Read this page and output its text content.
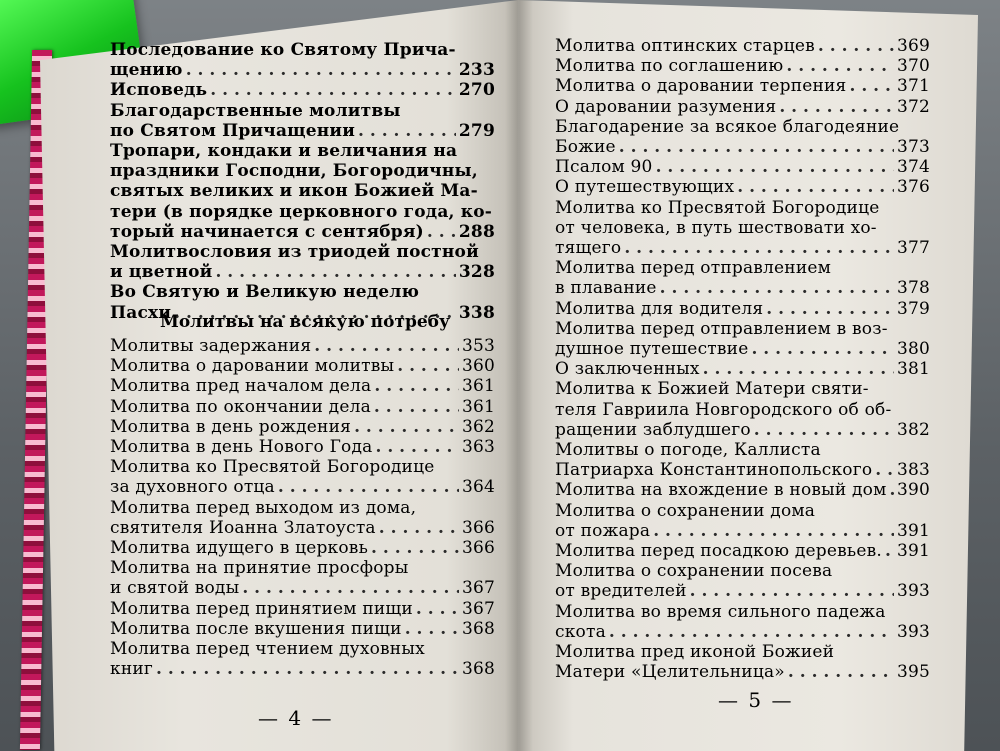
Последование ко Святому Прича-
щению . . .	233
Исповедь . . .	270
Благодарственные молитвы
по Святом Причащении . . .	279
Тропари, кондаки и величания на
праздники Господни, Богородичны,
святых великих и икон Божией Ма-
тери (в порядке церковного года, ко-
торый начинается с сентября) . . . 288
Молитвословия из триодей постной
и цветной . . .	328
Во Святую и Великую неделю
Пасхи . . .	338
Молитвы на всякую потребу
Молитвы задержания . . .	353
Молитва о даровании молитвы . . .	360
Молитва пред началом дела . . .	361
Молитва по окончании дела . . .	361
Молитва в день рождения . . .	362
Молитва в день Нового Года . . .	363
Молитва ко Пресвятой Богородице
за духовного отца . . .	364
Молитва перед выходом из дома,
святителя Иоанна Златоуста . . .	366
Молитва идущего в церковь . . .	366
Молитва на принятие просфоры
и святой воды . . .	367
Молитва перед принятием пищи . . .	367
Молитва после вкушения пищи . . .	368
Молитва перед чтением духовных
книг . . .	368
Молитва оптинских старцев . . .	369
Молитва по соглашению . . .	370
Молитва о даровании терпения . . .	371
О даровании разумения . . .	372
Благодарение за всякое благодеяние
Божие . . .	373
Псалом 90 . . .	374
О путешествующих . . .	376
Молитва ко Пресвятой Богородице
от человека, в путь шествовати хо-
тящего . . .	377
Молитва перед отправлением
в плавание . . .	378
Молитва для водителя . . .	379
Молитва перед отправлением в воз-
душное путешествие . . .	380
О заключенных . . .	381
Молитва к Божией Матери святи-
теля Гавриила Новгородского об об-
ращении заблудшего . . .	382
Молитвы о погоде, Каллиста
Патриарха Константинопольского . . . 383
Молитва на вхождение в новый дом . . . 390
Молитва о сохранении дома
от пожара . . .	391
Молитва перед посадкою деревьев. . . . 391
Молитва о сохранении посева
от вредителей . . .	393
Молитва во время сильного падежа
скота . . .	393
Молитва пред иконой Божией
Матери «Целительница» . . .	395
— 4 —
— 5 —
